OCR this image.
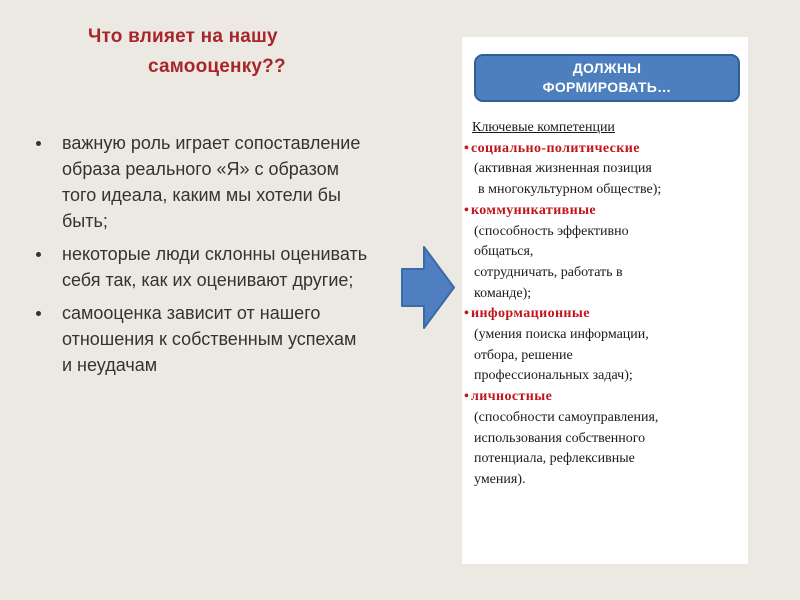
Что влияет на нашу
самооценку??
важную роль играет сопоставление образа реального «Я» с образом того идеала, каким мы хотели бы быть;
некоторые люди склонны оценивать себя так, как их оценивают другие;
самооценка зависит от нашего отношения к собственным успехам и неудачам
ДОЛЖНЫ
ФОРМИРОВАТЬ…
Ключевые компетенции
• социально-политические
(активная жизненная позиция
в многокультурном обществе);
• коммуникативные
(способность эффективно
общаться,
сотрудничать, работать в
команде);
• информационные
(умения поиска информации,
отбора, решение
профессиональных задач);
• личностные
(способности самоуправления,
использования собственного
потенциала, рефлексивные
умения).
